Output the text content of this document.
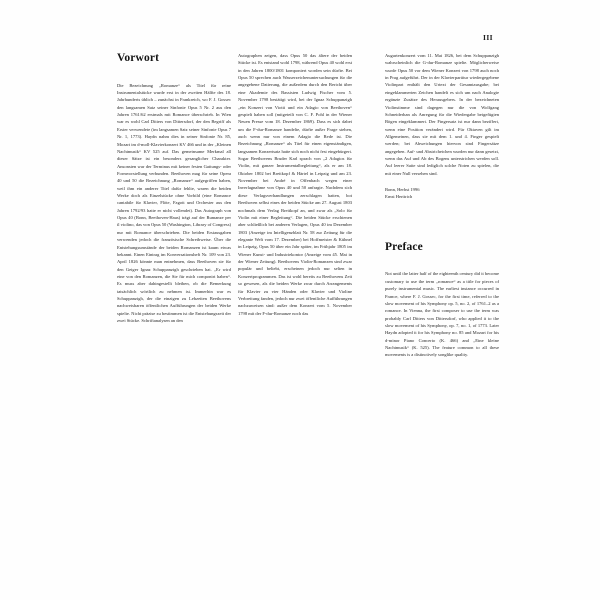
III
Vorwort

Die Bezeichnung „Romanze“ als Titel für reine Instrumentalstücke wurde erst in der zweiten Hälfte des 18. Jahrhunderts üblich – zunächst in Frankreich, wo F. J. Gossec den langsamen Satz seiner Sinfonie Opus 5 Nr. 2 aus den Jahren 1761/62 erstmals mit Romance überschrieb. In Wien war es wohl Carl Ditters von Dittersdorf, der den Begriff als Erster verwendete (im langsamen Satz seiner Sinfonie Opus 7 Nr. 1, 1773). Haydn nahm dies in seiner Sinfonie Nr. 85, Mozart im d-moll-Klavierkonzert KV 466 und in der „Kleinen Nachtmusik“ KV 525 auf. Das gemeinsame Merkmal all dieser Sätze ist ein besonders gesanglicher Charakter. Ansonsten war der Terminus mit keiner festen Gattungs- oder Formvorstellung verbunden. Beethoven mag für seine Opera 40 und 50 die Bezeichnung „Romanze“ aufgegriffen haben, weil ihm ein anderer Titel dafür fehlte, waren die beiden Werke doch als Einzelstücke ohne Vorbild (eine Romance cantabile für Klavier, Flöte, Fagott und Orchester aus den Jahren 1792/93 hatte er nicht vollendet). Das Autograph von Opus 40 (Bonn, Beethoven-Haus) trägt auf der Rumanze per il violino, das von Opus 50 (Washington, Library of Congress) nur mit Romance überschrieben. Die beiden Erstausgaben verwenden jedoch die französische Schreibweise. Über die Entstehungsumstände der beiden Romanzen ist kaum etwas bekannt. Einen Eintrag im Konversationsheft Nr. 109 von 23. April 1826 könnte man entnehmen, dass Beethoven sie für den Geiger Ignaz Schuppanzigh geschrieben hat. „Er wird eine von den Romanzen, die Sie für mich componirt haben“. Es muss aber dahingestellt bleiben, ob die Bemerkung tatsächlich wörtlich zu nehmen ist. Immerhin war es Schuppanzigh, der die einzigen zu Lebzeiten Beethovens nachweisbaren öffentlichen Aufführungen der beiden Werke spielte. Nicht präzise zu bestimmen ist die Entstehungszeit der zwei Stücke. Schriftanalysen an den

Autographen zeigen, dass Opus 50 das ältere der beiden Stücke ist. Es entstand wohl 1798, während Opus 40 wohl erst in den Jahren 1800/1801 komponiert worden sein dürfte. Bei Opus 50 sprechen auch Wasserzeichenuntersuchungen für die angegebene Datierung, die außerdem durch den Bericht über eine Akademie des Bassisten Ludwig Fischer vom 5. November 1798 bestätigt wird, bei der Ignaz Schuppanzigh „ein Konzert von Viotti und ein Adagio von Beethoven“ gespielt haben soll (mitgeteilt von C. F. Pohl in der Wiener Neuen Presse vom 18. Dezember 1869). Dass es sich dabei um die F-dur-Romanze handelte, dürfte außer Frage stehen, auch wenn nur von einem Adagio die Rede ist. Die Bezeichnung „Romanze“ als Titel für einen eigenständigen, langsamen Konzertsatz hatte sich noch nicht fest eingebürgert. Sogar Beethovens Bruder Karl sprach von „2 Adagios für Violin, mit ganzer Instrumentalbegleitung“, als er am 18. Oktober 1802 bei Breitkopf & Härtel in Leipzig und am 23. November bei André in Offenbach wegen einer Inverlagnahme von Opus 40 und 50 anfragte. Nachdem sich diese Verlagsverhandlungen zerschlagen hatten, bot Beethoven selbst eines der beiden Stücke am 27. August 1803 nochmals dem Verlag Breitkopf an, und zwar als „Solo für Violin mit einer Begleitung“. Die beiden Stücke erschienen aber schließlich bei anderen Verlagen, Opus 40 im Dezember 1803 (Anzeige im Intelligenzblatt Nr. 58 zur Zeitung für die elegante Welt vom 17. Dezember) bei Hoffmeister & Kühnel in Leipzig, Opus 50 über ein Jahr später, im Frühjahr 1805 im Wiener Kunst- und Industriekontor (Anzeige vom 45. Mai in der Wiener Zeitung). Beethovens Violin-Romanzen sind zwar populär und beliebt, erscheinen jedoch nur selten in Konzertprogrammen. Das ist wohl bereits zu Beethovens Zeit so gewesen, als die beiden Werke zwar durch Arrangements für Klavier zu vier Händen oder Klavier und Violine Verbreitung fanden, jedoch nur zwei öffentliche Aufführungen nachzuweisen sind: außer dem Konzert vom 5. November 1798 mit der F-dur-Romanze noch das

Augartenkonzert vom 11. Mai 1826, bei dem Schuppanzigh wahrscheinlich die G-dur-Romanze spielte. Möglicherweise wurde Opus 50 vor dem Wiener Konzert von 1798 auch noch in Prag aufgeführt. Der in der Klavierpartitur wiedergegebene Violinpart enthält den Urtext der Gesamtausgabe; bei eingeklammerten Zeichen handelt es sich um nach Analogie ergänzte Zusätze des Herausgebers. In der bezeichneten Violinstimme sind dagegen nur die von Wolfgang Schneiderhan als Anregung für die Wiedergabe beigefügten Bögen eingeklammert. Der Fingersatz ist nur dann beziffert, wenn eine Position verändert wird. Für Oktaven gilt im Allgemeinen, dass sie mit dem 1. und 4. Finger gespielt werden; bei Abweichungen hiervon sind Fingersätze angegeben. Auf- und Abstricheichen wurden nur dann gesetzt, wenn das Auf und Ab des Bogens unterstrichen werden soll. Auf leerer Saite sind lediglich solche Noten zu spielen, die mit einer Null versehen sind.

Bonn, Herbst 1996
Ernst Herttrich
Preface

Not until the latter half of the eighteenth century did it become customary to use the term „romance“ as a title for pieces of purely instrumental music. The earliest instance occurred in France, where F. J. Gossec, for the first time, referred to the slow movement of his Symphony op. 5, no. 2, of 1761–2 as a romance. In Vienna, the first composer to use the term was probably Carl Ditters von Dittersdorf, who applied it to the slow movement of his Symphony, op. 7, no. 1, of 1773. Later Haydn adopted it for his Symphony no. 85 and Mozart for his d-minor Piano Concerto (K. 466) and „Eine kleine Nachtmusik“ (K. 525). The feature common to all these movements is a distinctively songlike quality.
